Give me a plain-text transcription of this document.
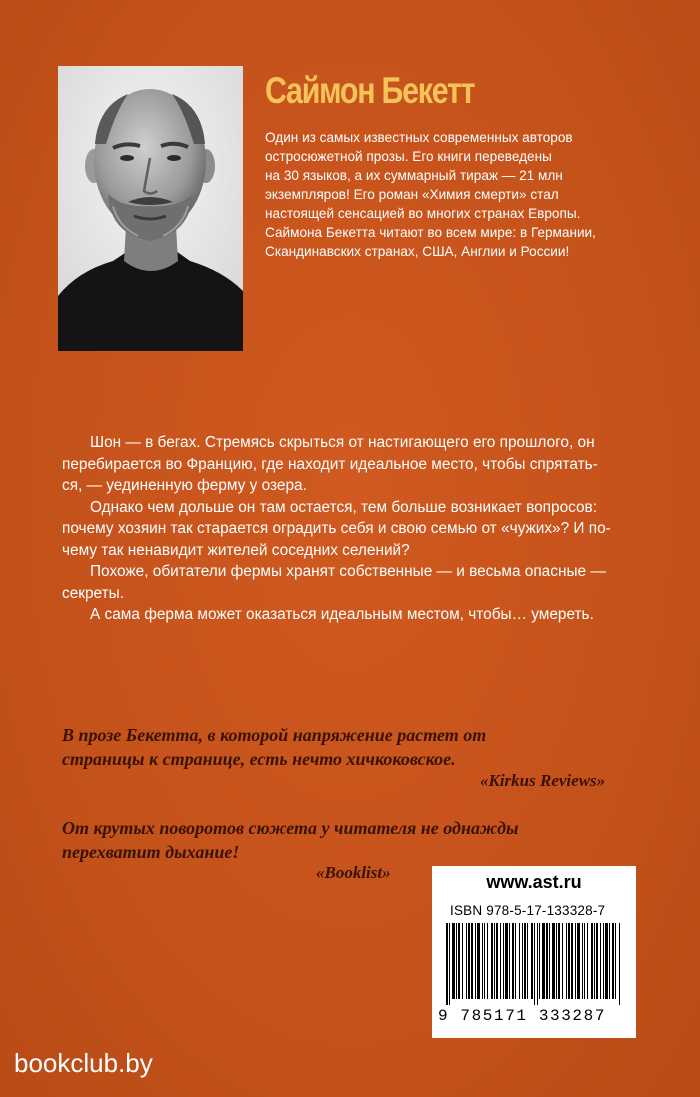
Саймон Бекетт
Один из самых известных современных авторов
остросюжетной прозы. Его книги переведены
на 30 языков, а их суммарный тираж — 21 млн
экземпляров! Его роман «Химия смерти» стал
настоящей сенсацией во многих странах Европы.
Саймона Бекетта читают во всем мире: в Германии,
Скандинавских странах, США, Англии и России!
Шон — в бегах. Стремясь скрыться от настигающего его прошлого, он
перебирается во Францию, где находит идеальное место, чтобы спрятать-
ся, — уединенную ферму у озера.
Однако чем дольше он там остается, тем больше возникает вопросов:
почему хозяин так старается оградить себя и свою семью от «чужих»? И по-
чему так ненавидит жителей соседних селений?
Похоже, обитатели фермы хранят собственные — и весьма опасные —
секреты.
А сама ферма может оказаться идеальным местом, чтобы… умереть.
В прозе Бекетта, в которой напряжение растет от
страницы к странице, есть нечто хичкоковское.
«Kirkus Reviews»
От крутых поворотов сюжета у читателя не однажды
перехватит дыхание!
«Booklist»	www.ast.ru
ISBN 978-5-17-133328-7
9 785171 333287
bookclub.by
